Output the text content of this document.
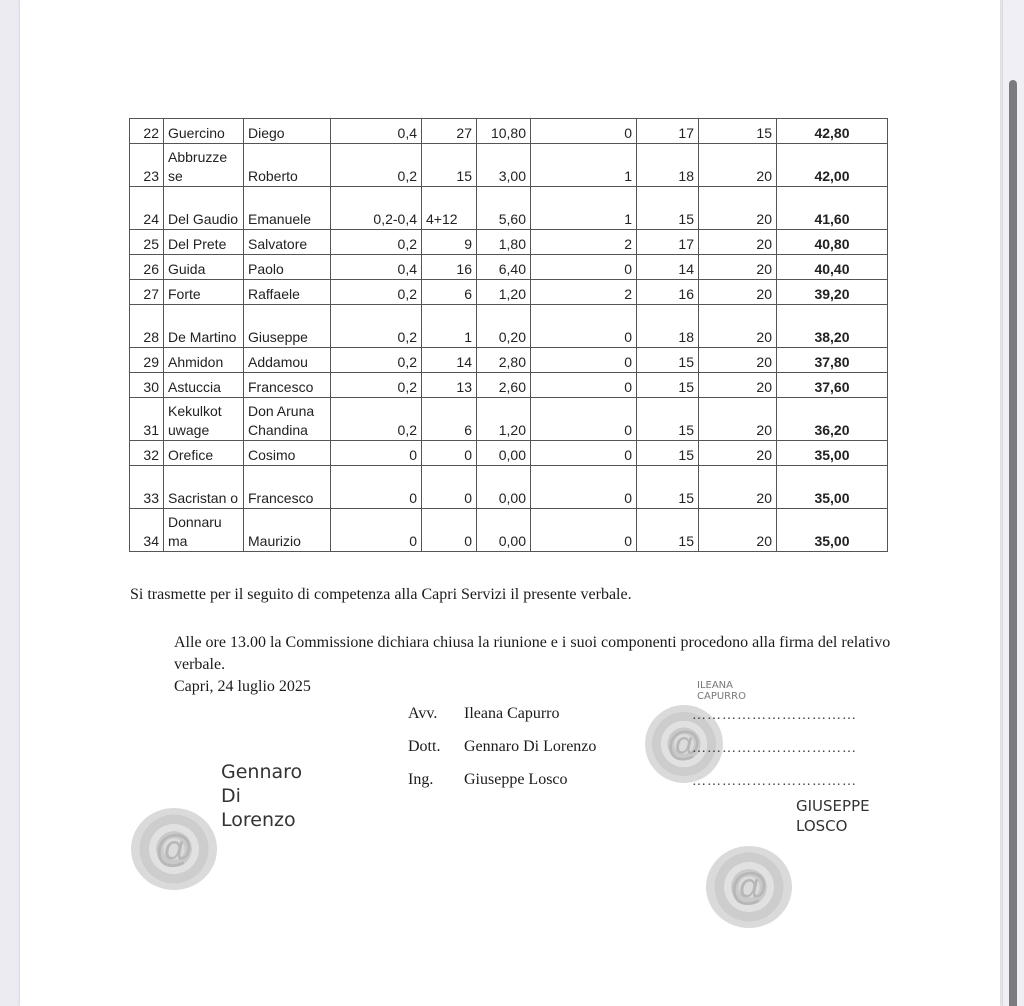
22	Guercino	Diego	0,4	27	10,80	0	17	15	42,80
23	Abbruzze se	Roberto	0,2	15	3,00	1	18	20	42,00
24	Del Gaudio	Emanuele	0,2-0,4	4+12	5,60	1	15	20	41,60
25	Del Prete	Salvatore	0,2	9	1,80	2	17	20	40,80
26	Guida	Paolo	0,4	16	6,40	0	14	20	40,40
27	Forte	Raffaele	0,2	6	1,20	2	16	20	39,20
28	De Martino	Giuseppe	0,2	1	0,20	0	18	20	38,20
29	Ahmidon	Addamou	0,2	14	2,80	0	15	20	37,80
30	Astuccia	Francesco	0,2	13	2,60	0	15	20	37,60
31	Kekulkot uwage	Don Aruna Chandina	0,2	6	1,20	0	15	20	36,20
32	Orefice	Cosimo	0	0	0,00	0	15	20	35,00
33	Sacristan o	Francesco	0	0	0,00	0	15	20	35,00
34	Donnaru ma	Maurizio	0	0	0,00	0	15	20	35,00
Si trasmette per il seguito di competenza alla Capri Servizi il presente verbale.
Alle ore 13.00 la Commissione dichiara chiusa la riunione e i suoi componenti procedono alla firma del relativo verbale.
Capri, 24 luglio 2025
Avv.	Ileana Capurro
Dott.	Gennaro Di Lorenzo
Ing.	Giuseppe Losco
@
……………………………
……………………………
……………………………
ILEANA
CAPURRO
Gennaro
Di
Lorenzo
@
GIUSEPPE
LOSCO
@
